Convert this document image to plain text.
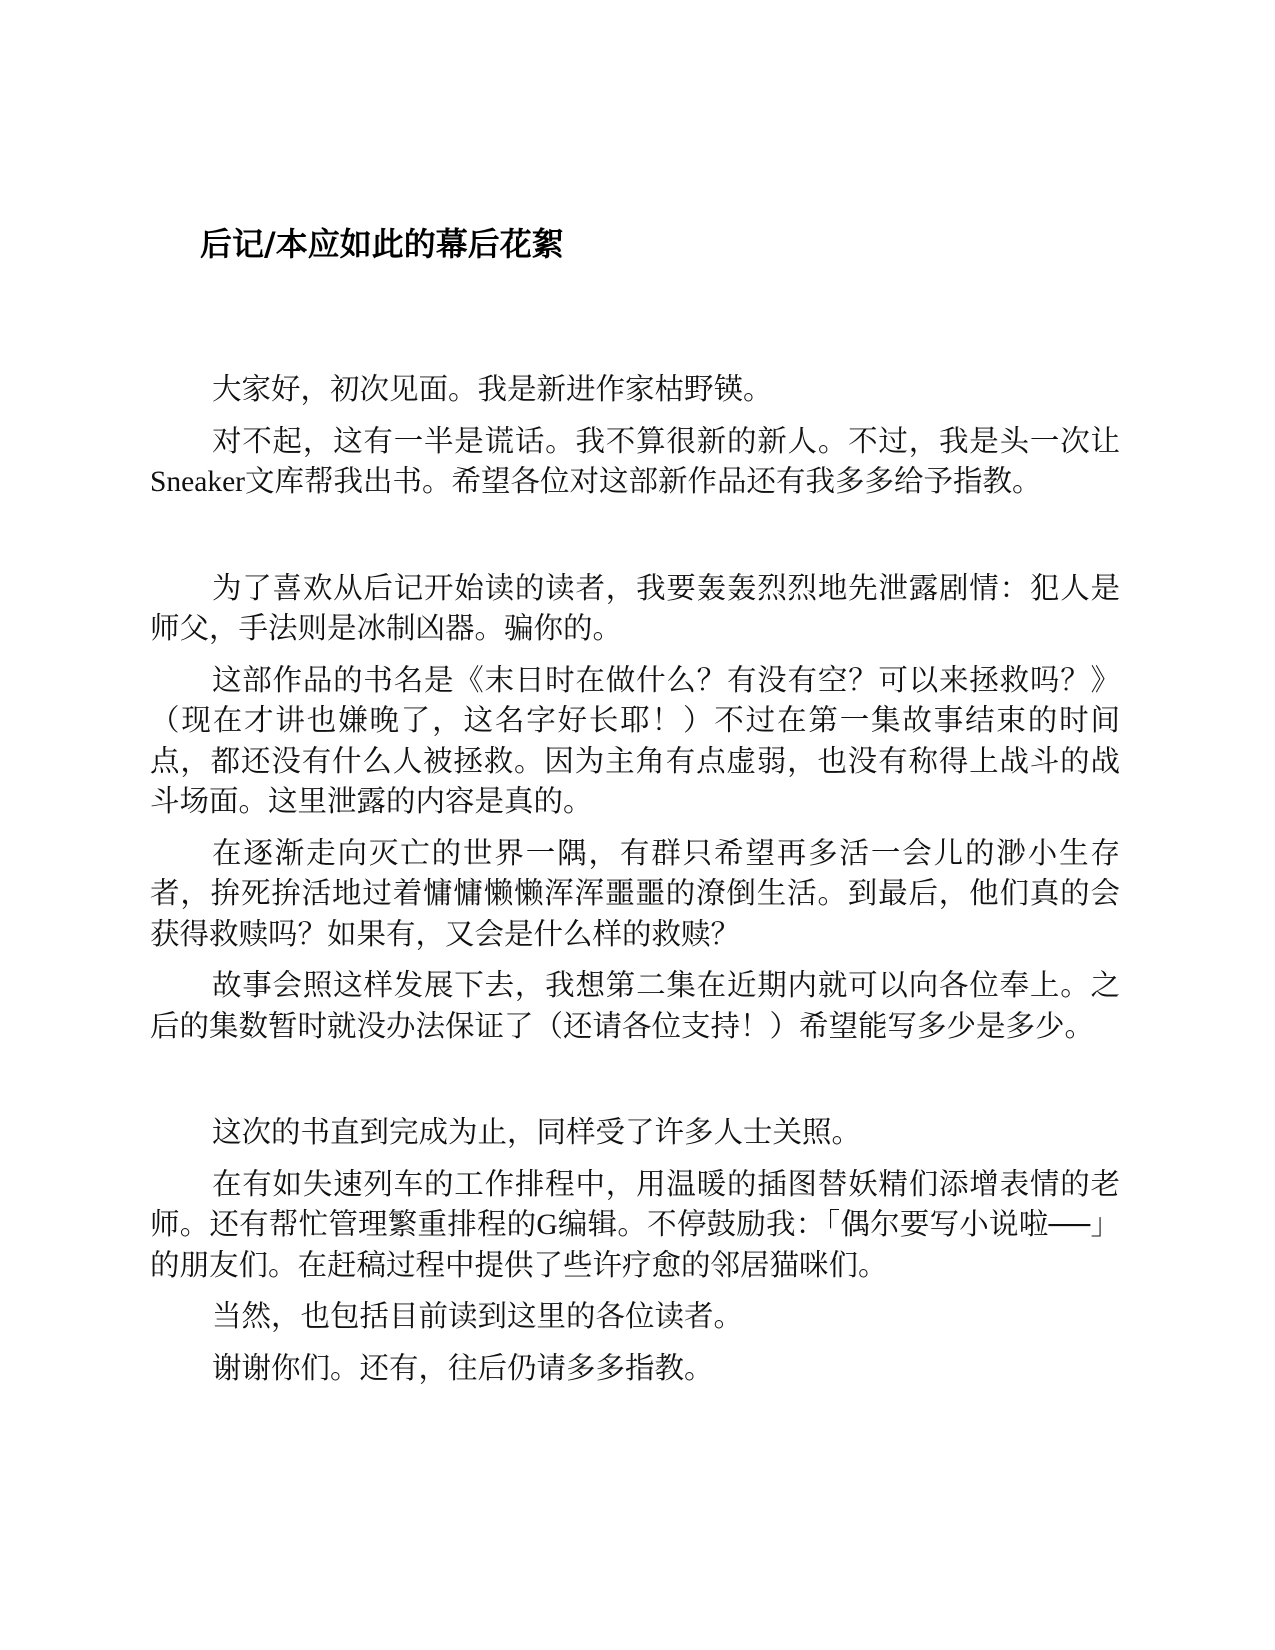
后记/本应如此的幕后花絮

大家好，初次见面。我是新进作家枯野锳。

对不起，这有一半是谎话。我不算很新的新人。不过，我是头一次让Sneaker文库帮我出书。希望各位对这部新作品还有我多多给予指教。

为了喜欢从后记开始读的读者，我要轰轰烈烈地先泄露剧情：犯人是师父，手法则是冰制凶器。骗你的。

这部作品的书名是《末日时在做什么？有没有空？可以来拯救吗？》（现在才讲也嫌晚了，这名字好长耶！）不过在第一集故事结束的时间点，都还没有什么人被拯救。因为主角有点虚弱，也没有称得上战斗的战斗场面。这里泄露的内容是真的。

在逐渐走向灭亡的世界一隅，有群只希望再多活一会儿的渺小生存者，拚死拚活地过着慵慵懒懒浑浑噩噩的潦倒生活。到最后，他们真的会获得救赎吗？如果有，又会是什么样的救赎？

故事会照这样发展下去，我想第二集在近期内就可以向各位奉上。之后的集数暂时就没办法保证了（还请各位支持！）希望能写多少是多少。

这次的书直到完成为止，同样受了许多人士关照。

在有如失速列车的工作排程中，用温暖的插图替妖精们添增表情的老师。还有帮忙管理繁重排程的G编辑。不停鼓励我：「偶尔要写小说啦──」的朋友们。在赶稿过程中提供了些许疗愈的邻居猫咪们。

当然，也包括目前读到这里的各位读者。

谢谢你们。还有，往后仍请多多指教。
